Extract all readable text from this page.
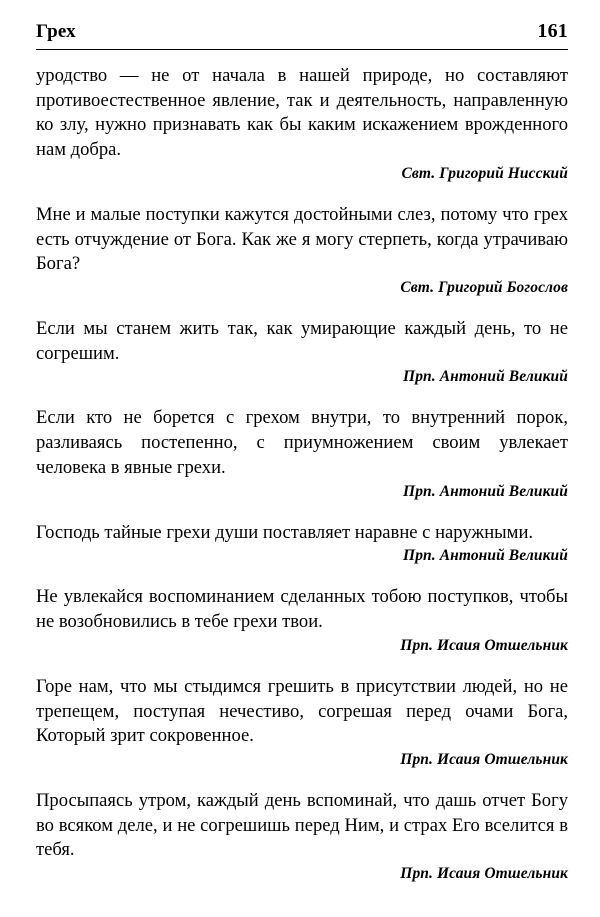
Грех	161
уродство — не от начала в нашей природе, но составляют противоестественное явление, так и деятельность, направленную ко злу, нужно признавать как бы каким искажением врожденного нам добра.
Свт. Григорий Нисский
Мне и малые поступки кажутся достойными слез, потому что грех есть отчуждение от Бога. Как же я могу стерпеть, когда утрачиваю Бога?
Свт. Григорий Богослов
Если мы станем жить так, как умирающие каждый день, то не согрешим.
Прп. Антоний Великий
Если кто не борется с грехом внутри, то внутренний порок, разливаясь постепенно, с приумножением своим увлекает человека в явные грехи.
Прп. Антоний Великий
Господь тайные грехи души поставляет наравне с наружными.
Прп. Антоний Великий
Не увлекайся воспоминанием сделанных тобою поступков, чтобы не возобновились в тебе грехи твои.
Прп. Исаия Отшельник
Горе нам, что мы стыдимся грешить в присутствии людей, но не трепещем, поступая нечестиво, согрешая перед очами Бога, Который зрит сокровенное.
Прп. Исаия Отшельник
Просыпаясь утром, каждый день вспоминай, что дашь отчет Богу во всяком деле, и не согрешишь перед Ним, и страх Его вселится в тебя.
Прп. Исаия Отшельник
